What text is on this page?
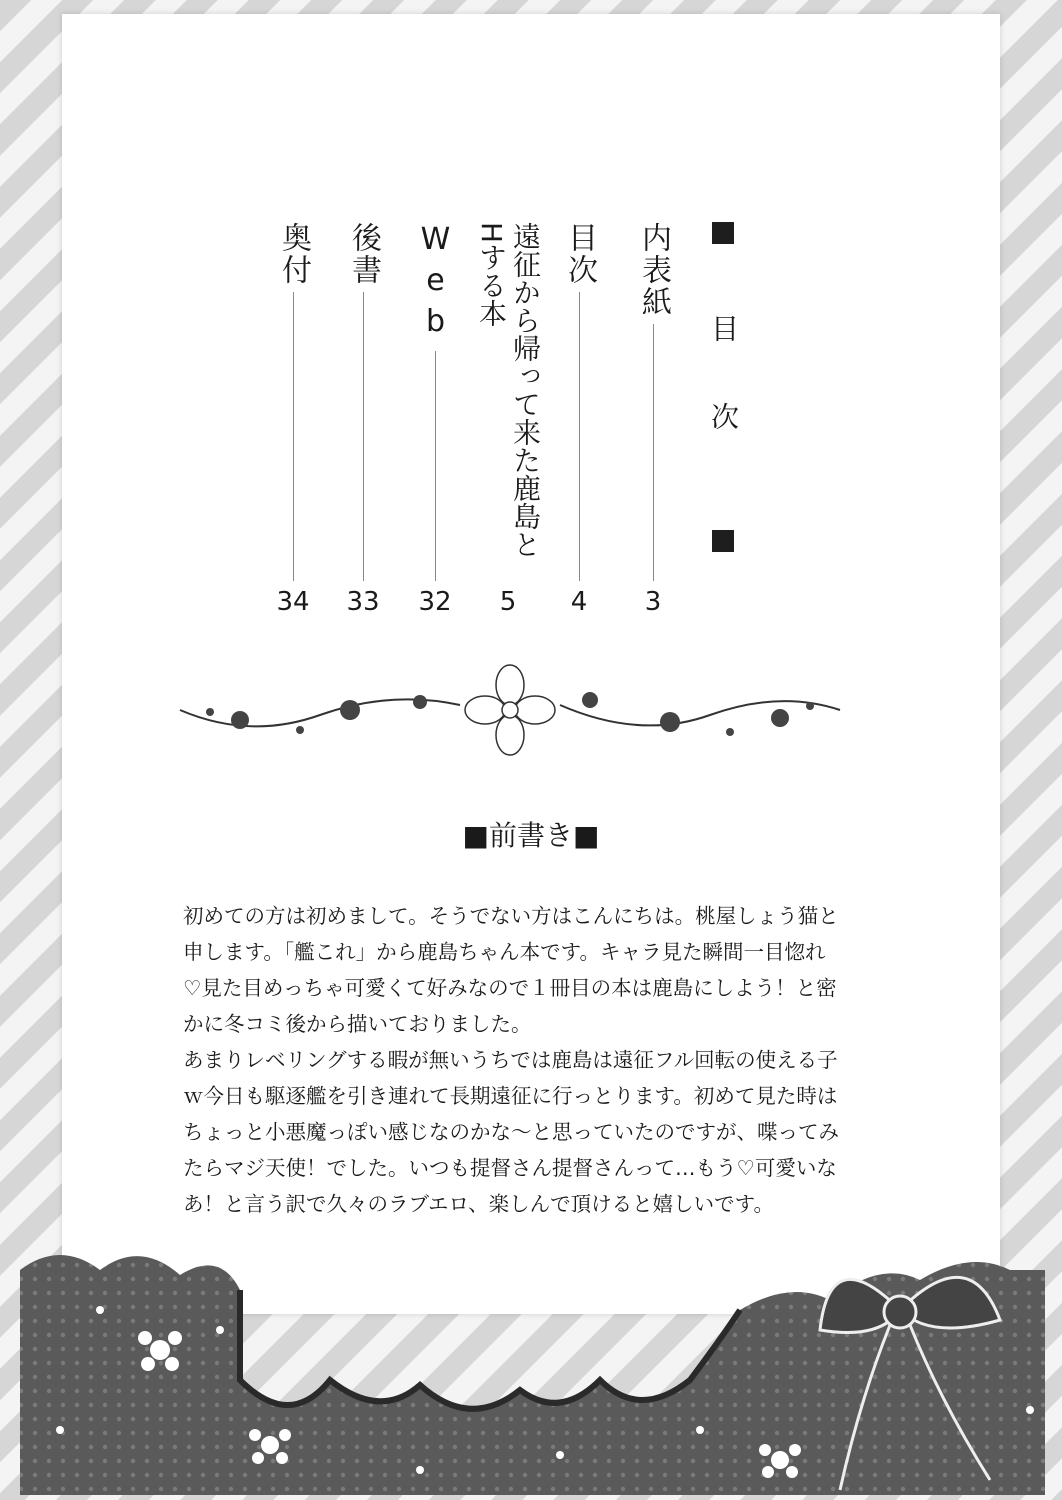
目
次
内表紙
3
目次
4
遠征から帰って来た鹿島とHする本
5
Web
32
後書
33
奥付
34
■前書き■
初めての方は初めまして。そうでない方はこんにちは。桃屋しょう猫と
申します。「艦これ」から鹿島ちゃん本です。キャラ見た瞬間一目惚れ
♡見た目めっちゃ可愛くて好みなので１冊目の本は鹿島にしよう！と密
かに冬コミ後から描いておりました。
あまりレベリングする暇が無いうちでは鹿島は遠征フル回転の使える子
ｗ今日も駆逐艦を引き連れて長期遠征に行っとります。初めて見た時は
ちょっと小悪魔っぽい感じなのかな～と思っていたのですが、喋ってみ
たらマジ天使！でした。いつも提督さん提督さんって…もう♡可愛いな
あ！と言う訳で久々のラブエロ、楽しんで頂けると嬉しいです。
